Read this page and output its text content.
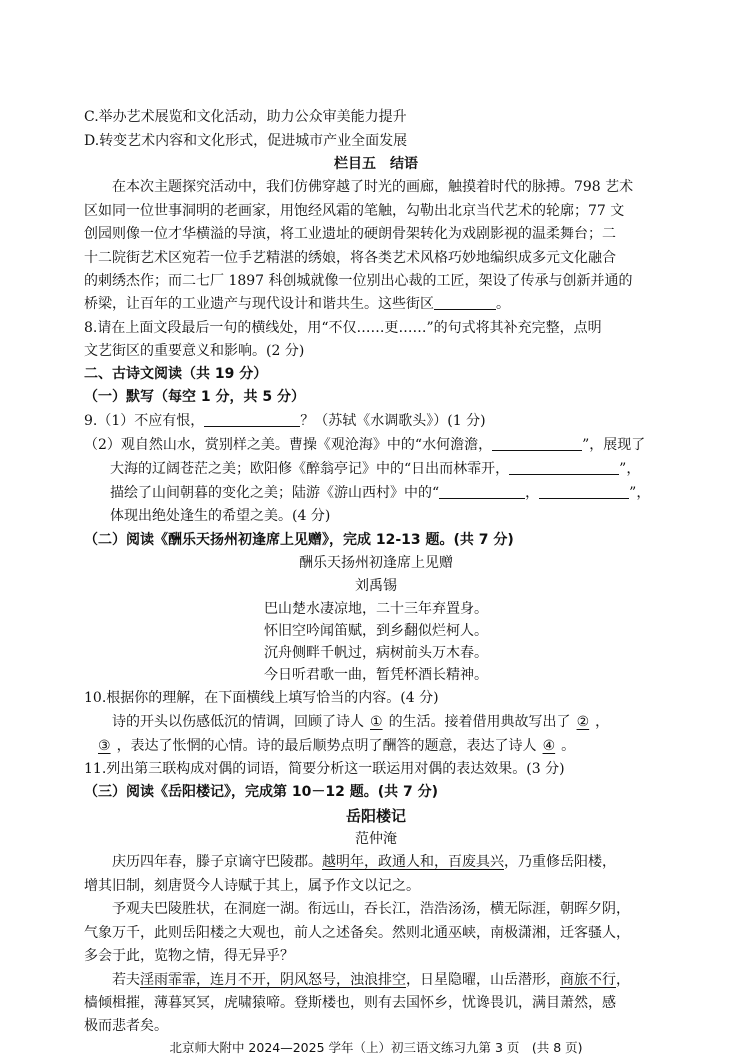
C.举办艺术展览和文化活动，助力公众审美能力提升
D.转变艺术内容和文化形式，促进城市产业全面发展
栏目五　结语
在本次主题探究活动中，我们仿佛穿越了时光的画廊，触摸着时代的脉搏。798 艺术
区如同一位世事洞明的老画家，用饱经风霜的笔触，勾勒出北京当代艺术的轮廓；77 文
创园则像一位才华横溢的导演，将工业遗址的硬朗骨架转化为戏剧影视的温柔舞台；二
十二院街艺术区宛若一位手艺精湛的绣娘，将各类艺术风格巧妙地编织成多元文化融合
的刺绣杰作；而二七厂 1897 科创城就像一位别出心裁的工匠，架设了传承与创新并通的
桥梁，让百年的工业遗产与现代设计和谐共生。这些街区	。
8.请在上面文段最后一句的横线处，用“不仅……更……”的句式将其补充完整，点明
文艺街区的重要意义和影响。(2 分)
二、古诗文阅读（共 19 分）
（一）默写（每空 1 分，共 5 分）
9.（1）不应有恨，	？（苏轼《水调歌头》）(1 分)
（2）观自然山水，赏别样之美。曹操《观沧海》中的“水何澹澹，	”，展现了
大海的辽阔苍茫之美；欧阳修《醉翁亭记》中的“日出而林霏开，	”，
描绘了山间朝暮的变化之美；陆游《游山西村》中的“	，	”，
体现出绝处逢生的希望之美。(4 分)
（二）阅读《酬乐天扬州初逢席上见赠》，完成 12-13 题。(共 7 分)
酬乐天扬州初逢席上见赠
刘禹锡
巴山楚水凄凉地，二十三年弃置身。
怀旧空吟闻笛赋，到乡翻似烂柯人。
沉舟侧畔千帆过，病树前头万木春。
今日听君歌一曲，暂凭杯酒长精神。
10.根据你的理解，在下面横线上填写恰当的内容。(4 分)
诗的开头以伤感低沉的情调，回顾了诗人 ① 的生活。接着借用典故写出了 ② ，
③ ，表达了怅惘的心情。诗的最后顺势点明了酬答的题意，表达了诗人 ④ 。
11.列出第三联构成对偶的词语，简要分析这一联运用对偶的表达效果。(3 分)
（三）阅读《岳阳楼记》，完成第 10－12 题。(共 7 分)
岳阳楼记
范仲淹
庆历四年春，滕子京谪守巴陵郡。越明年，政通人和，百废具兴，乃重修岳阳楼，
增其旧制，刻唐贤今人诗赋于其上，属予作文以记之。
予观夫巴陵胜状，在洞庭一湖。衔远山，吞长江，浩浩汤汤，横无际涯，朝晖夕阴，
气象万千，此则岳阳楼之大观也，前人之述备矣。然则北通巫峡，南极潇湘，迁客骚人，
多会于此，览物之情，得无异乎？
若夫淫雨霏霏，连月不开，阴风怒号，浊浪排空，日星隐曜，山岳潜形，商旅不行，
樯倾楫摧，薄暮冥冥，虎啸猿啼。登斯楼也，则有去国怀乡，忧谗畏讥，满目萧然，感
极而悲者矣。
北京师大附中 2024—2025 学年（上）初三语文练习九第 3 页　(共 8 页)
